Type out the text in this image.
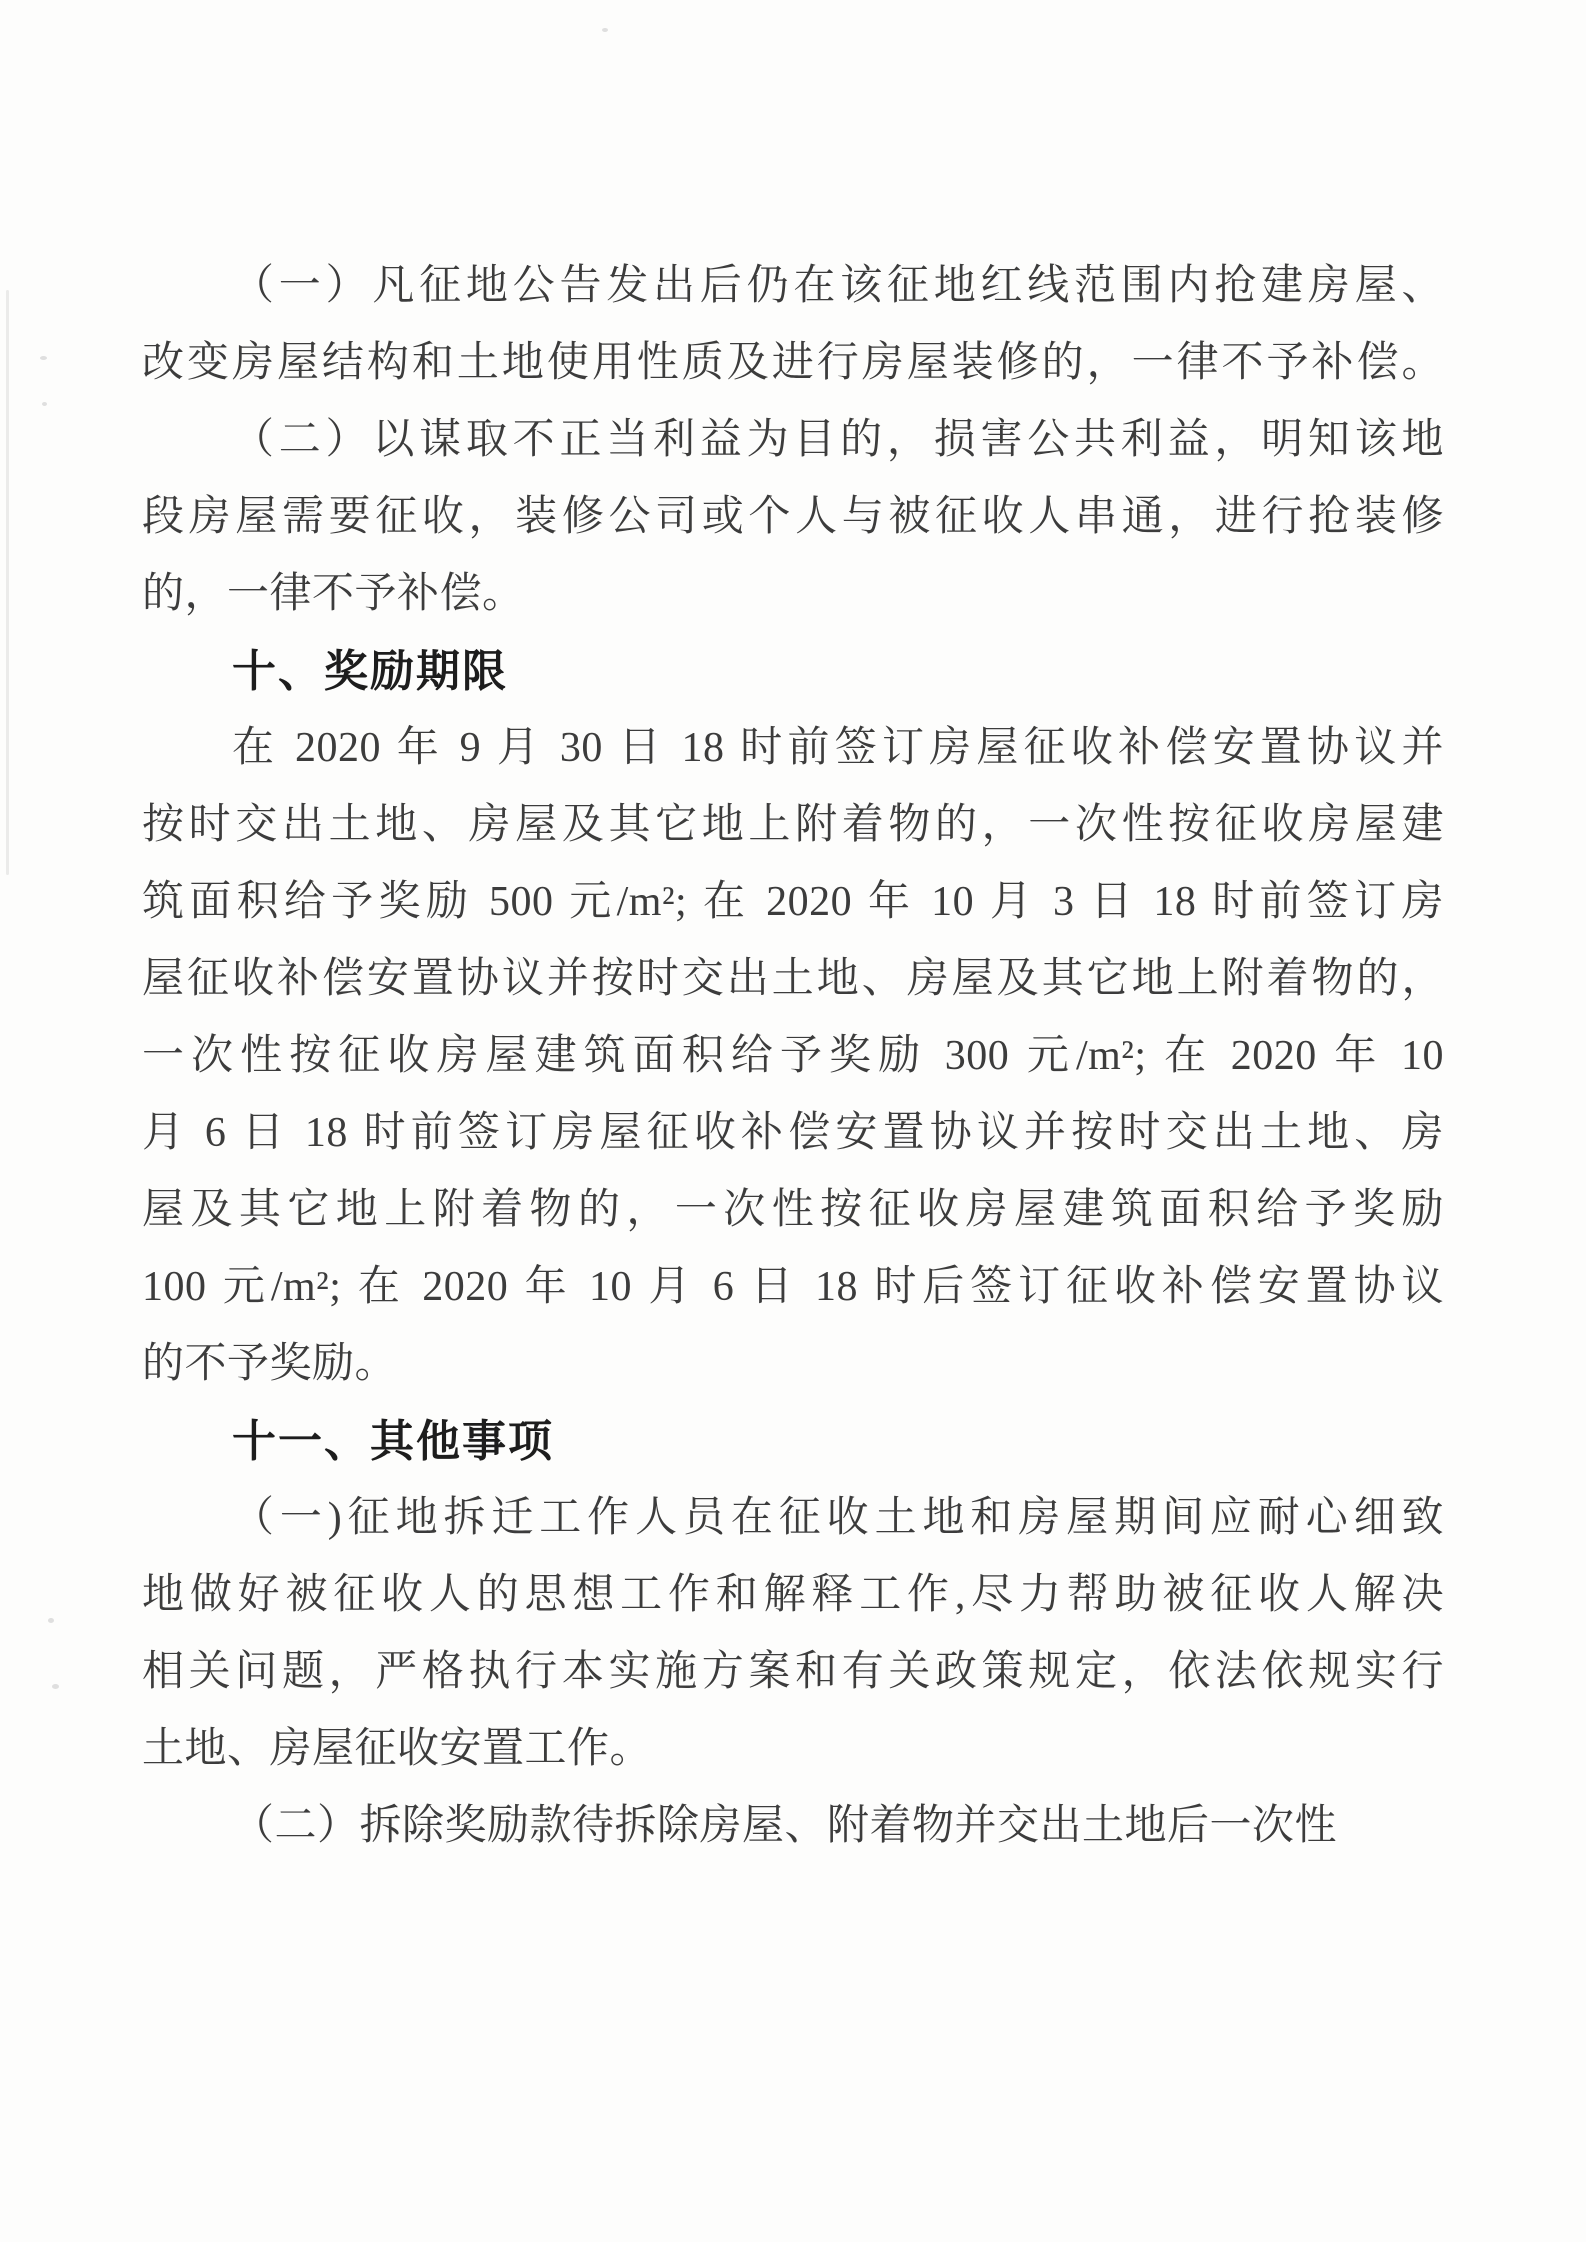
（一）凡征地公告发出后仍在该征地红线范围内抢建房屋、
改变房屋结构和土地使用性质及进行房屋装修的，一律不予补偿。
（二）以谋取不正当利益为目的，损害公共利益，明知该地
段房屋需要征收，装修公司或个人与被征收人串通，进行抢装修
的，一律不予补偿。
十、奖励期限
在 2020 年 9 月 30 日 18 时前签订房屋征收补偿安置协议并
按时交出土地、房屋及其它地上附着物的，一次性按征收房屋建
筑面积给予奖励 500 元/m²; 在 2020 年 10 月 3 日 18 时前签订房
屋征收补偿安置协议并按时交出土地、房屋及其它地上附着物的，
一次性按征收房屋建筑面积给予奖励 300 元/m²; 在 2020 年 10
月 6 日 18 时前签订房屋征收补偿安置协议并按时交出土地、房
屋及其它地上附着物的，一次性按征收房屋建筑面积给予奖励
100 元/m²; 在 2020 年 10 月 6 日 18 时后签订征收补偿安置协议
的不予奖励。
十一、其他事项
（一)征地拆迁工作人员在征收土地和房屋期间应耐心细致
地做好被征收人的思想工作和解释工作,尽力帮助被征收人解决
相关问题，严格执行本实施方案和有关政策规定，依法依规实行
土地、房屋征收安置工作。
（二）拆除奖励款待拆除房屋、附着物并交出土地后一次性
